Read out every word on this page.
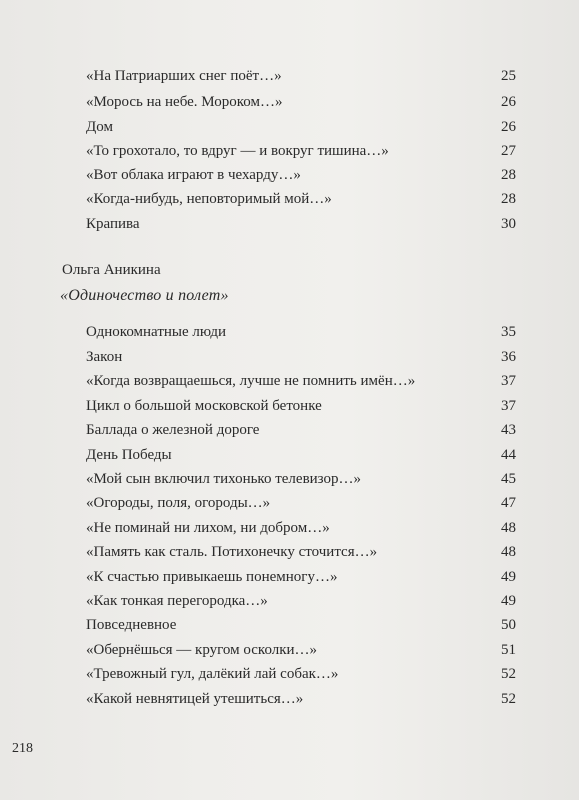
«На Патриарших снег поёт…»	25
«Морось на небе. Мороком…»	26
Дом	26
«То грохотало, то вдруг — и вокруг тишина…»	27
«Вот облака играют в чехарду…»	28
«Когда-нибудь, неповторимый мой…»	28
Крапива	30
Ольга Аникина
«Одиночество и полет»
Однокомнатные люди	35
Закон	36
«Когда возвращаешься, лучше не помнить имён…»	37
Цикл о большой московской бетонке	37
Баллада о железной дороге	43
День Победы	44
«Мой сын включил тихонько телевизор…»	45
«Огороды, поля, огороды…»	47
«Не поминай ни лихом, ни добром…»	48
«Память как сталь. Потихонечку сточится…»	48
«К счастью привыкаешь понемногу…»	49
«Как тонкая перегородка…»	49
Повседневное	50
«Обернёшься — кругом осколки…»	51
«Тревожный гул, далёкий лай собак…»	52
«Какой невнятицей утешиться…»	52
218
